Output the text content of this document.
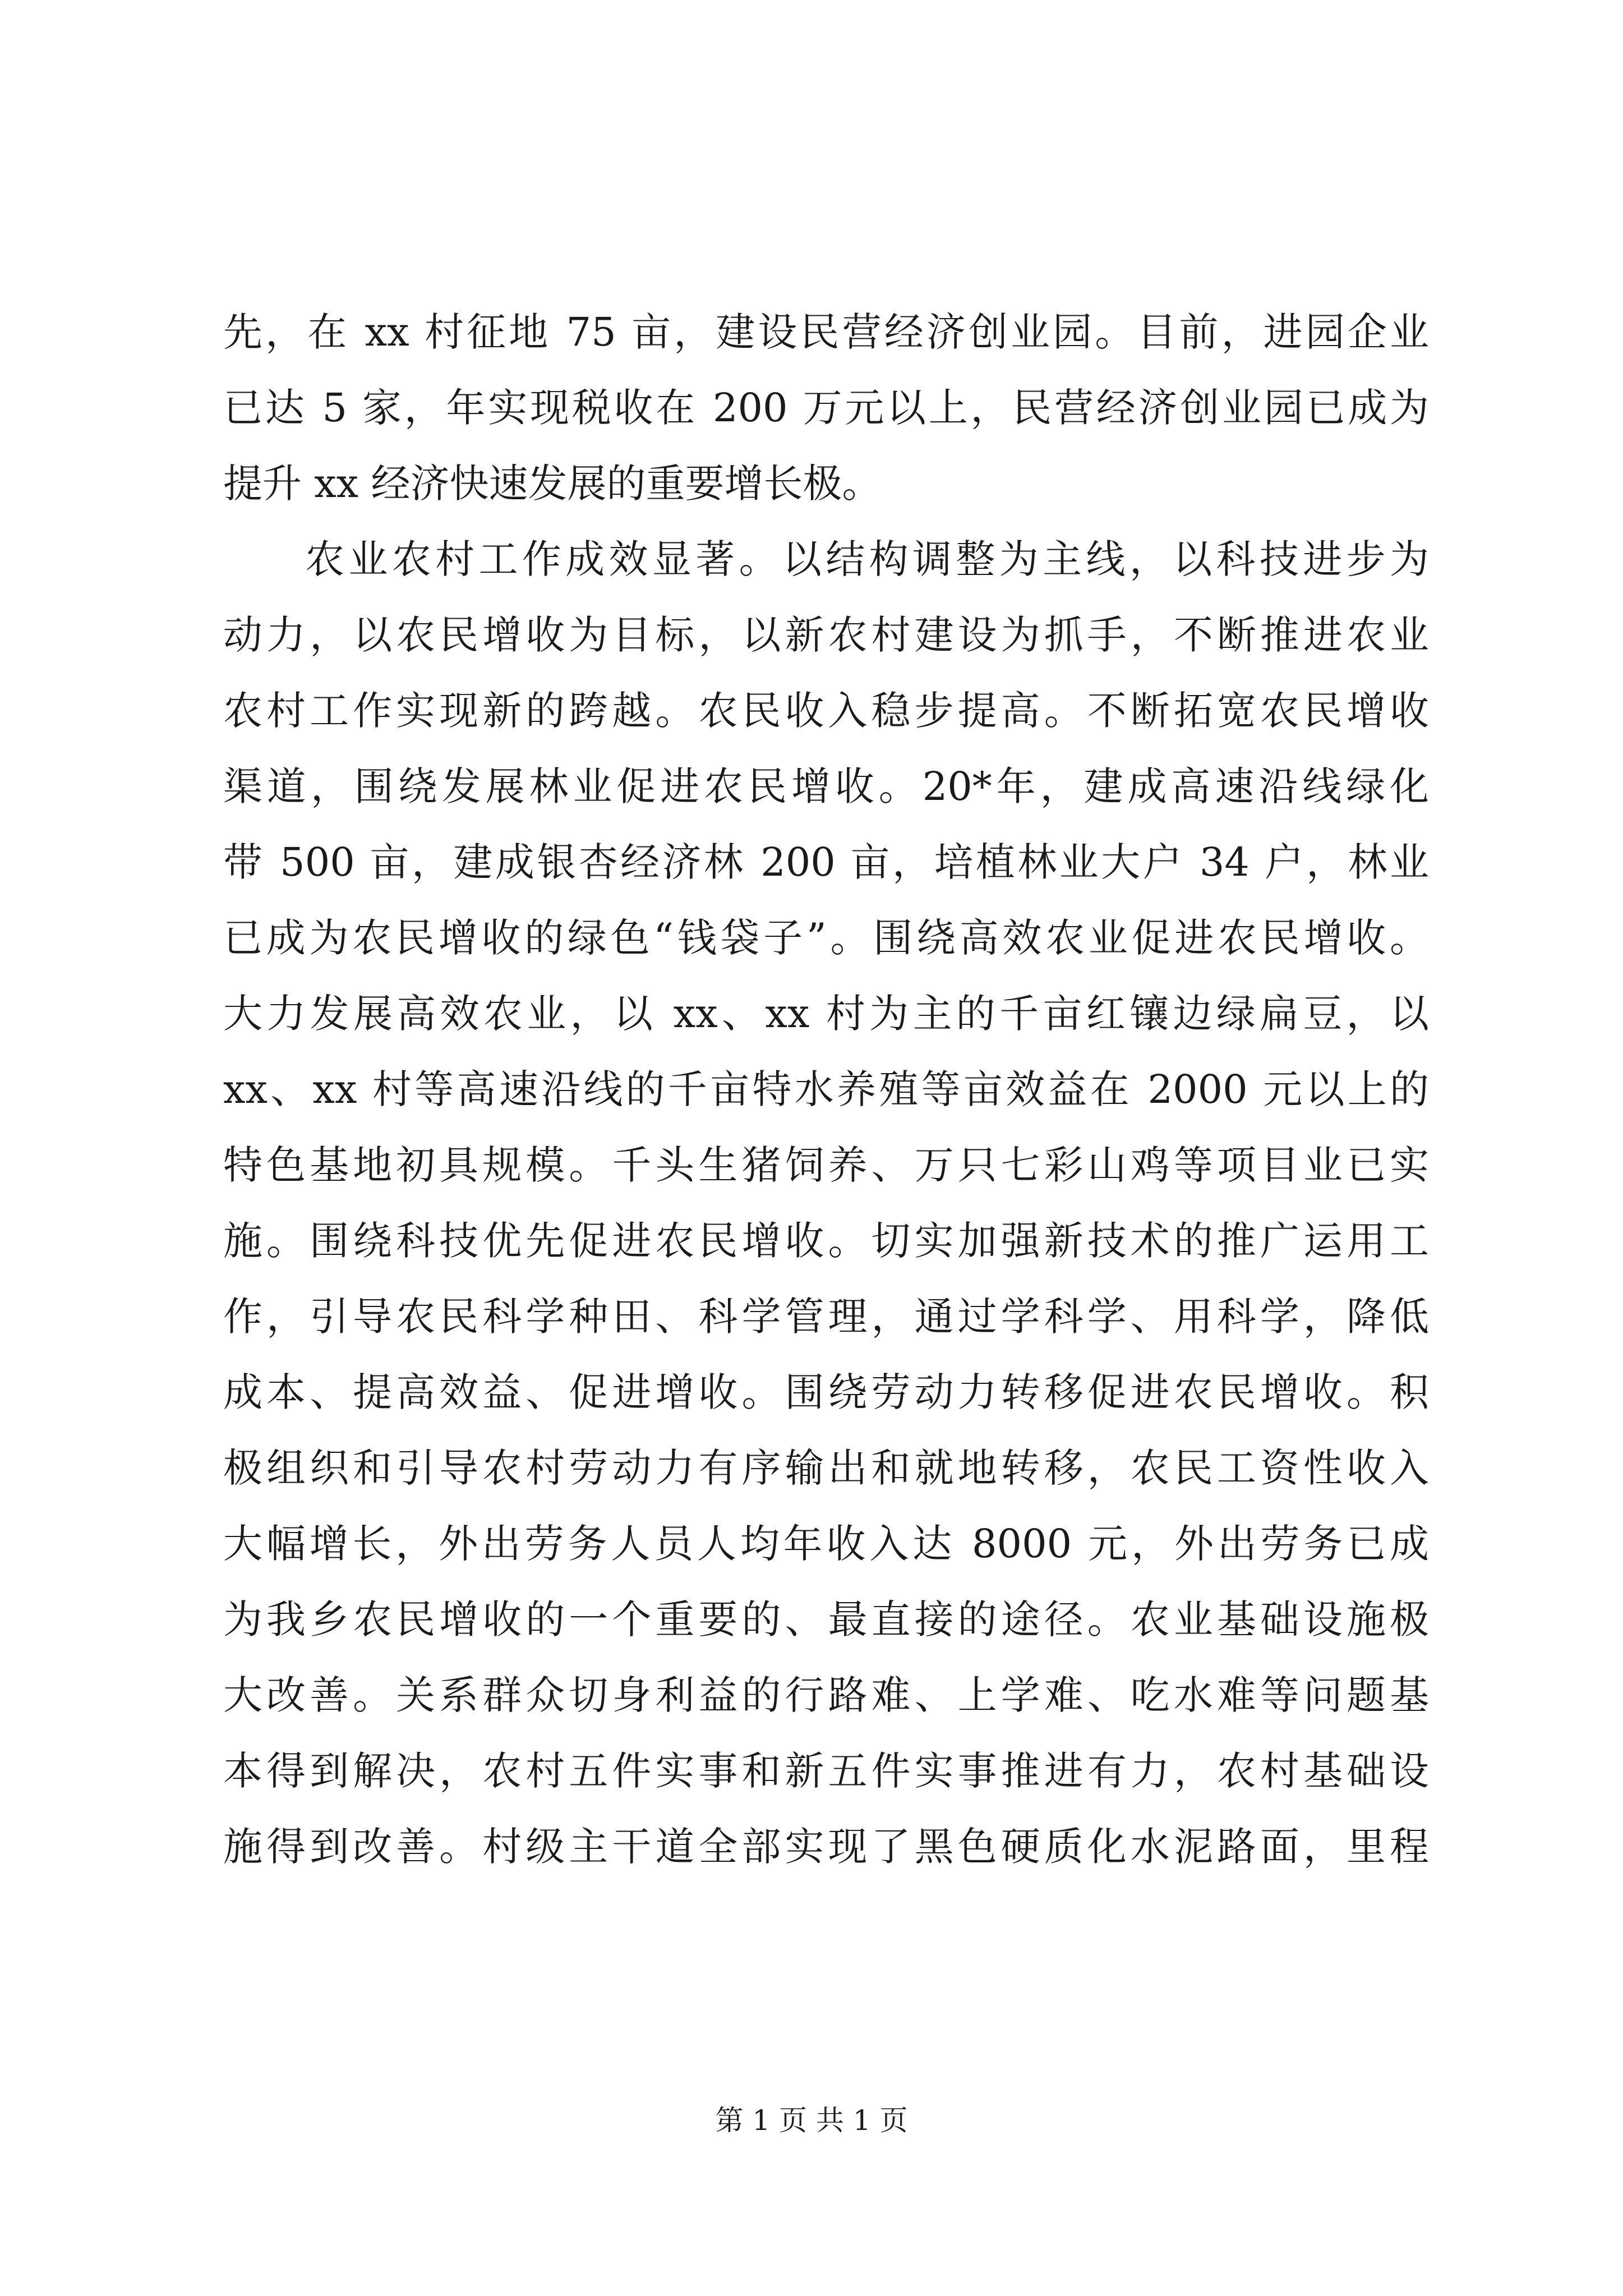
先，在 xx 村征地 75 亩，建设民营经济创业园。目前，进园企业
已达 5 家，年实现税收在 200 万元以上，民营经济创业园已成为
提升 xx 经济快速发展的重要增长极。
农业农村工作成效显著。以结构调整为主线，以科技进步为
动力，以农民增收为目标，以新农村建设为抓手，不断推进农业
农村工作实现新的跨越。农民收入稳步提高。不断拓宽农民增收
渠道，围绕发展林业促进农民增收。20*年，建成高速沿线绿化
带 500 亩，建成银杏经济林 200 亩，培植林业大户 34 户，林业
已成为农民增收的绿色“钱袋子”。围绕高效农业促进农民增收。
大力发展高效农业，以 xx、xx 村为主的千亩红镶边绿扁豆，以
xx、xx 村等高速沿线的千亩特水养殖等亩效益在 2000 元以上的
特色基地初具规模。千头生猪饲养、万只七彩山鸡等项目业已实
施。围绕科技优先促进农民增收。切实加强新技术的推广运用工
作，引导农民科学种田、科学管理，通过学科学、用科学，降低
成本、提高效益、促进增收。围绕劳动力转移促进农民增收。积
极组织和引导农村劳动力有序输出和就地转移，农民工资性收入
大幅增长，外出劳务人员人均年收入达 8000 元，外出劳务已成
为我乡农民增收的一个重要的、最直接的途径。农业基础设施极
大改善。关系群众切身利益的行路难、上学难、吃水难等问题基
本得到解决，农村五件实事和新五件实事推进有力，农村基础设
施得到改善。村级主干道全部实现了黑色硬质化水泥路面，里程
第 1 页 共 1 页
